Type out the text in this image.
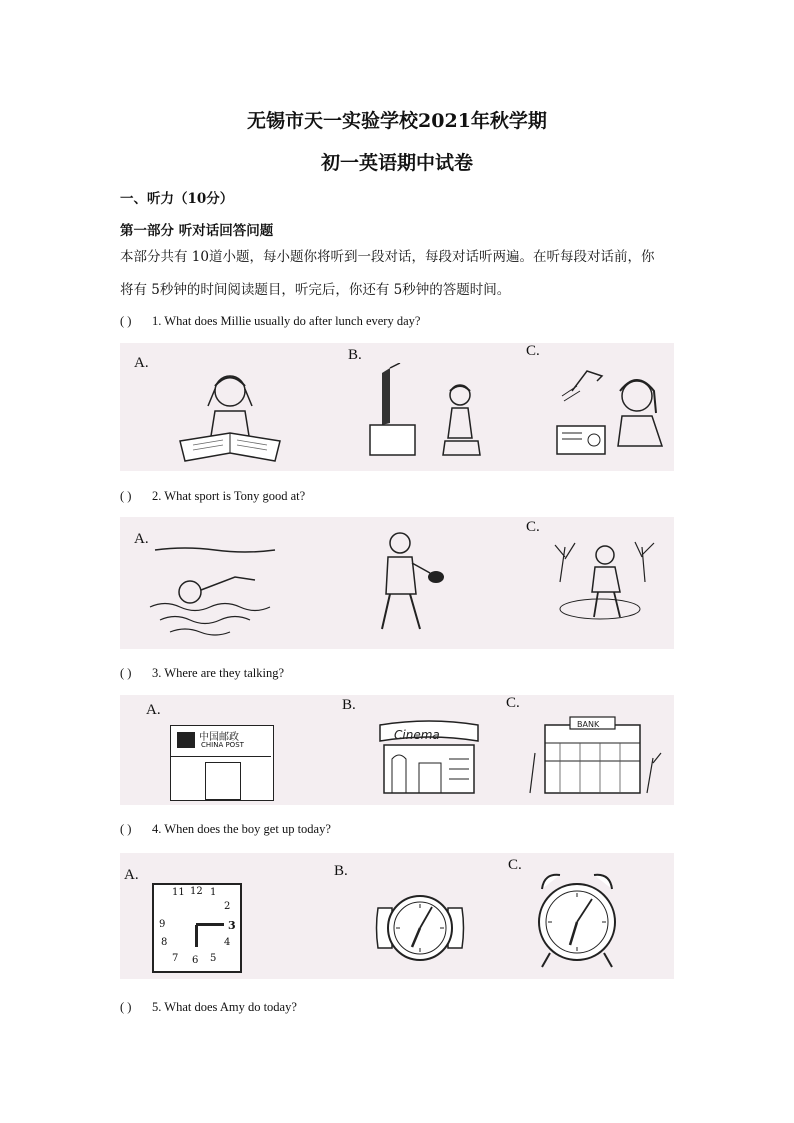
无锡市天一实验学校2021年秋学期
初一英语期中试卷
一、听力（10分）
第一部分 听对话回答问题
本部分共有 10道小题，每小题你将听到一段对话，每段对话听两遍。在听每段对话前，你
将有 5秒钟的时间阅读题目，听完后，你还有 5秒钟的答题时间。
( ) 1. What does Millie usually do after lunch every day?
A.	B.	C.
( ) 2. What sport is Tony good at?
A.
C.
( ) 3. Where are they talking?
A.	B.	C.
中国邮政
CHINA POST
Cinema
BANK
( ) 4. When does the boy get up today?
A.	B.	C.
11 12 1
2
3
9
8
7 6 5
4
( ) 5. What does Amy do today?
